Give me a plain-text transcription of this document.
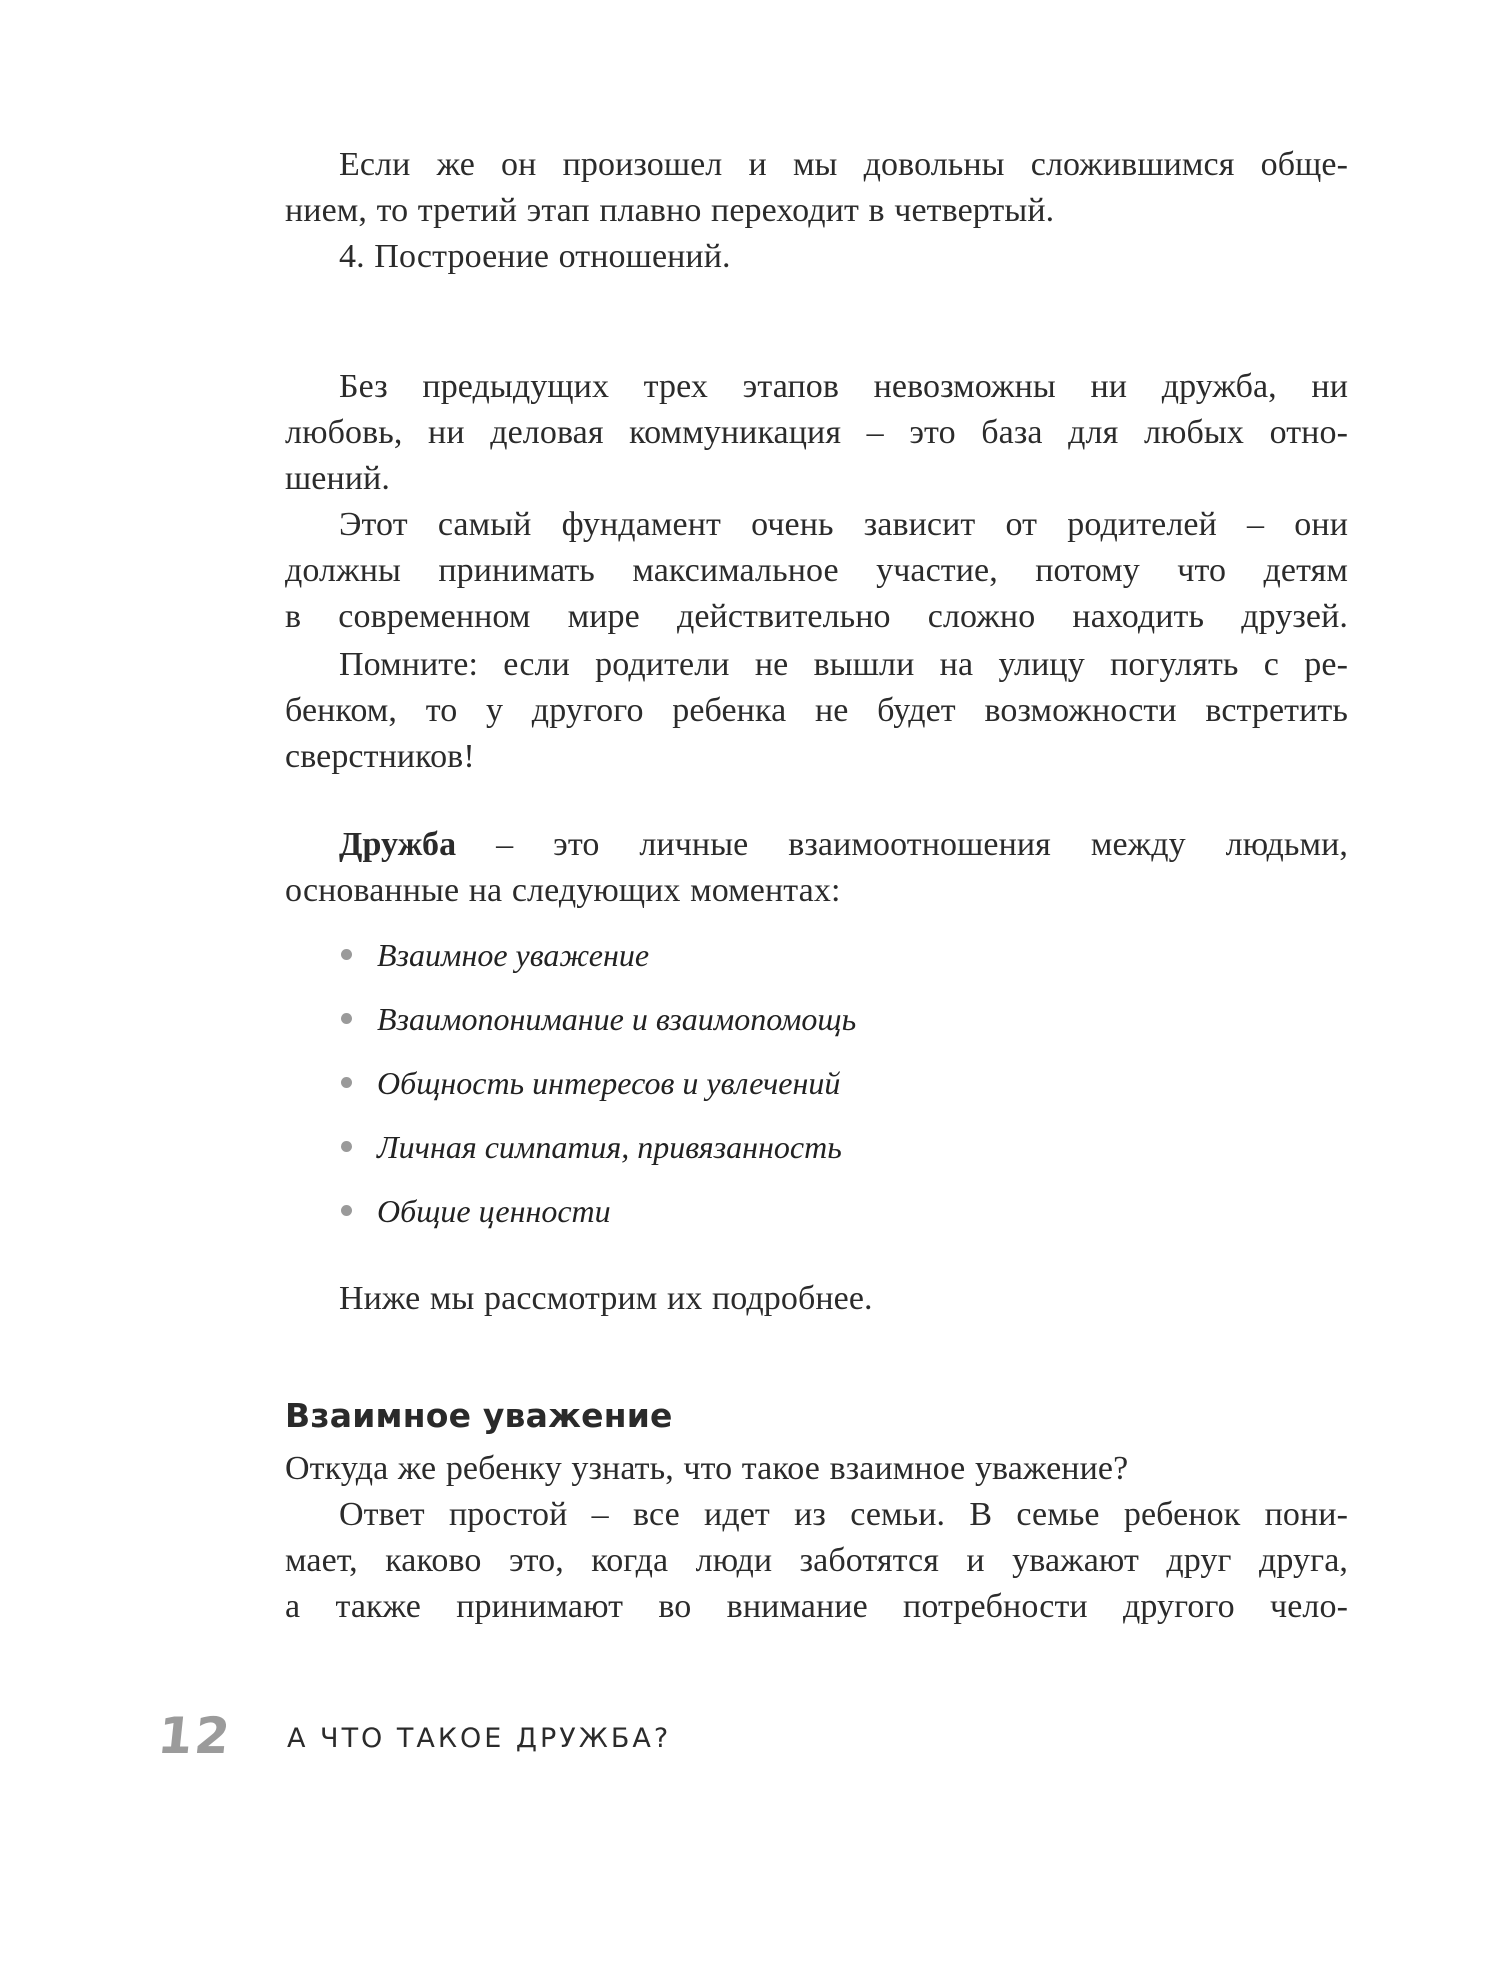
Если же он произошел и мы довольны сложившимся обще-

нием, то третий этап плавно переходит в четвертый.

4. Построение отношений.

Без предыдущих трех этапов невозможны ни дружба, ни

любовь, ни деловая коммуникация – это база для любых отно-

шений.

Этот самый фундамент очень зависит от родителей – они

должны принимать максимальное участие, потому что детям

в современном мире действительно сложно находить друзей.

Помните: если родители не вышли на улицу погулять с ре-

бенком, то у другого ребенка не будет возможности встретить

сверстников!

Дружба – это личные взаимоотношения между людьми,

основанные на следующих моментах:

Взаимное уважение
Взаимопонимание и взаимопомощь
Общность интересов и увлечений
Личная симпатия, привязанность
Общие ценности

Ниже мы рассмотрим их подробнее.

Взаимное уважение

Откуда же ребенку узнать, что такое взаимное уважение?

Ответ простой – все идет из семьи. В семье ребенок пони-

мает, каково это, когда люди заботятся и уважают друг друга,

а также принимают во внимание потребности другого чело-

12 А ЧТО ТАКОЕ ДРУЖБА?
